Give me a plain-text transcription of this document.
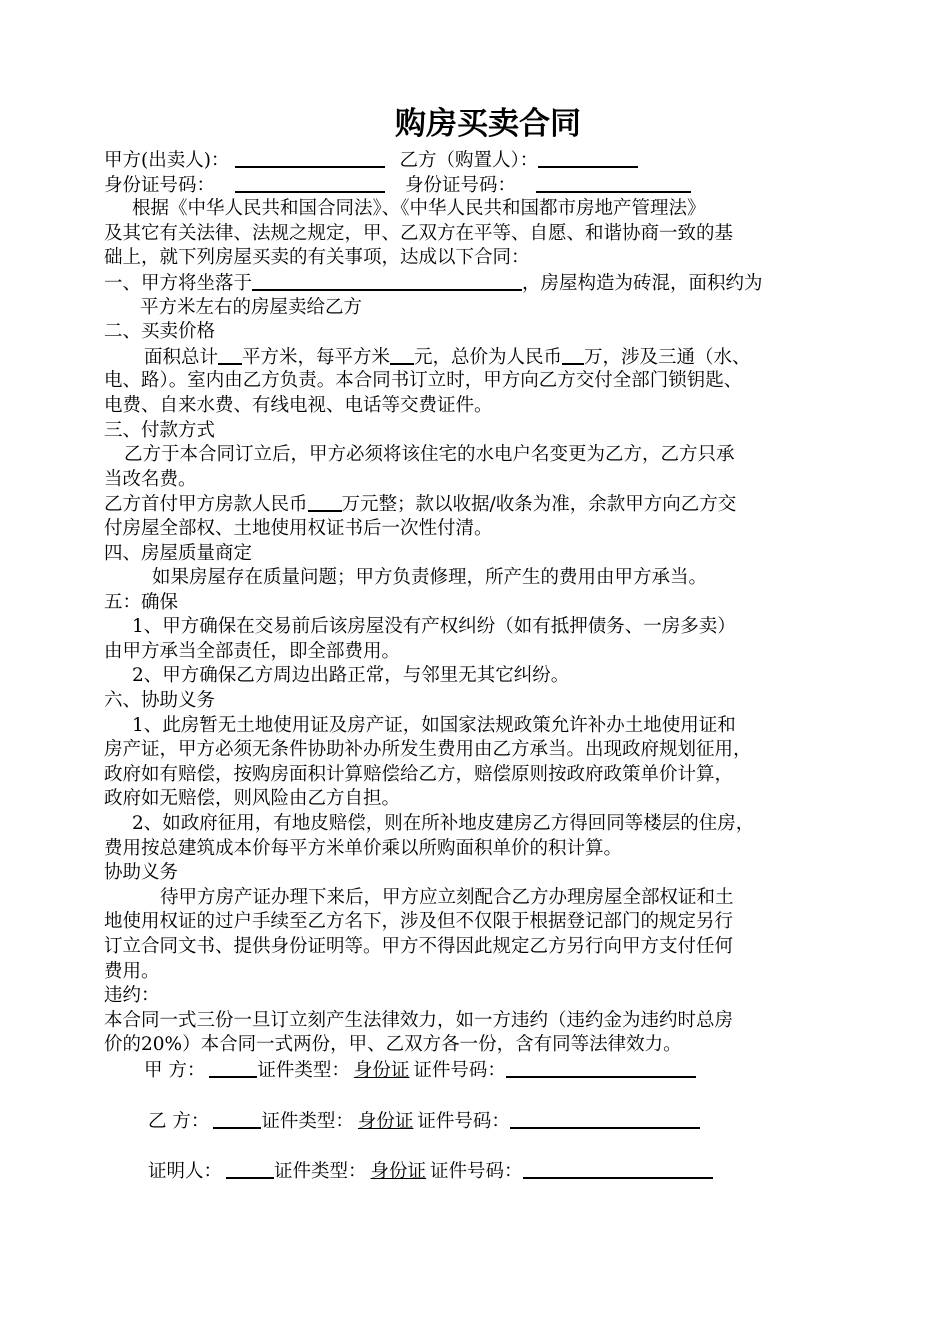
购房买卖合同
甲方(出卖人)：	乙方（购置人）：
身份证号码：	身份证号码：
根据《中华人民共和国合同法》、《中华人民共和国都市房地产管理法》
及其它有关法律、法规之规定，甲、乙双方在平等、自愿、和谐协商一致的基
础上，就下列房屋买卖的有关事项，达成以下合同：
一、甲方将坐落于	，房屋构造为砖混，面积约为
平方米左右的房屋卖给乙方
二、买卖价格
面积总计 平方米，每平方米 元，总价为人民币 万，涉及三通（水、
电、路）。室内由乙方负责。本合同书订立时，甲方向乙方交付全部门锁钥匙、
电费、自来水费、有线电视、电话等交费证件。
三、付款方式
乙方于本合同订立后，甲方必须将该住宅的水电户名变更为乙方，乙方只承
当改名费。
乙方首付甲方房款人民币 万元整；款以收据/收条为准，余款甲方向乙方交
付房屋全部权、土地使用权证书后一次性付清。
四、房屋质量商定
如果房屋存在质量问题；甲方负责修理，所产生的费用由甲方承当。
五：确保
1、甲方确保在交易前后该房屋没有产权纠纷（如有抵押债务、一房多卖）
由甲方承当全部责任，即全部费用。
2、甲方确保乙方周边出路正常，与邻里无其它纠纷。
六、协助义务
1、此房暂无土地使用证及房产证，如国家法规政策允许补办土地使用证和
房产证，甲方必须无条件协助补办所发生费用由乙方承当。出现政府规划征用，
政府如有赔偿，按购房面积计算赔偿给乙方，赔偿原则按政府政策单价计算，
政府如无赔偿，则风险由乙方自担。
2、如政府征用，有地皮赔偿，则在所补地皮建房乙方得回同等楼层的住房，
费用按总建筑成本价每平方米单价乘以所购面积单价的积计算。
协助义务
待甲方房产证办理下来后，甲方应立刻配合乙方办理房屋全部权证和土
地使用权证的过户手续至乙方名下，涉及但不仅限于根据登记部门的规定另行
订立合同文书、提供身份证明等。甲方不得因此规定乙方另行向甲方支付任何
费用。
违约：
本合同一式三份一旦订立刻产生法律效力，如一方违约（违约金为违约时总房
价的20%）本合同一式两份，甲、乙双方各一份，含有同等法律效力。
甲 方：	证件类型： 身份证 证件号码：
乙 方：	证件类型： 身份证 证件号码：
证明人：	证件类型： 身份证 证件号码：
